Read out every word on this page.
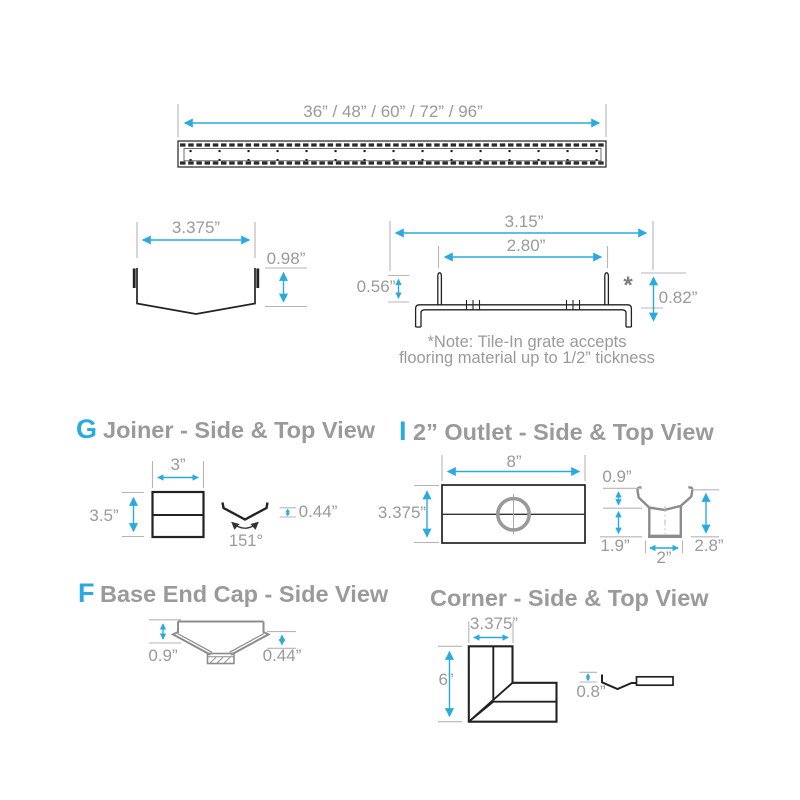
36” / 48” / 60” / 72” / 96”
3.375”
0.98”
3.15”
2.80”
0.56”
0.82”
*
*Note: Tile-In grate accepts
flooring material up to 1/2” tickness
G Joiner - Side & Top View
3”
3.5”
151°
0.44”
I 2” Outlet - Side & Top View
8”
3.375”
0.9”
1.9”
2”
2.8”
F Base End Cap - Side View
0.9”	0.44”
Corner - Side & Top View
3.375”
6”
0.8”
